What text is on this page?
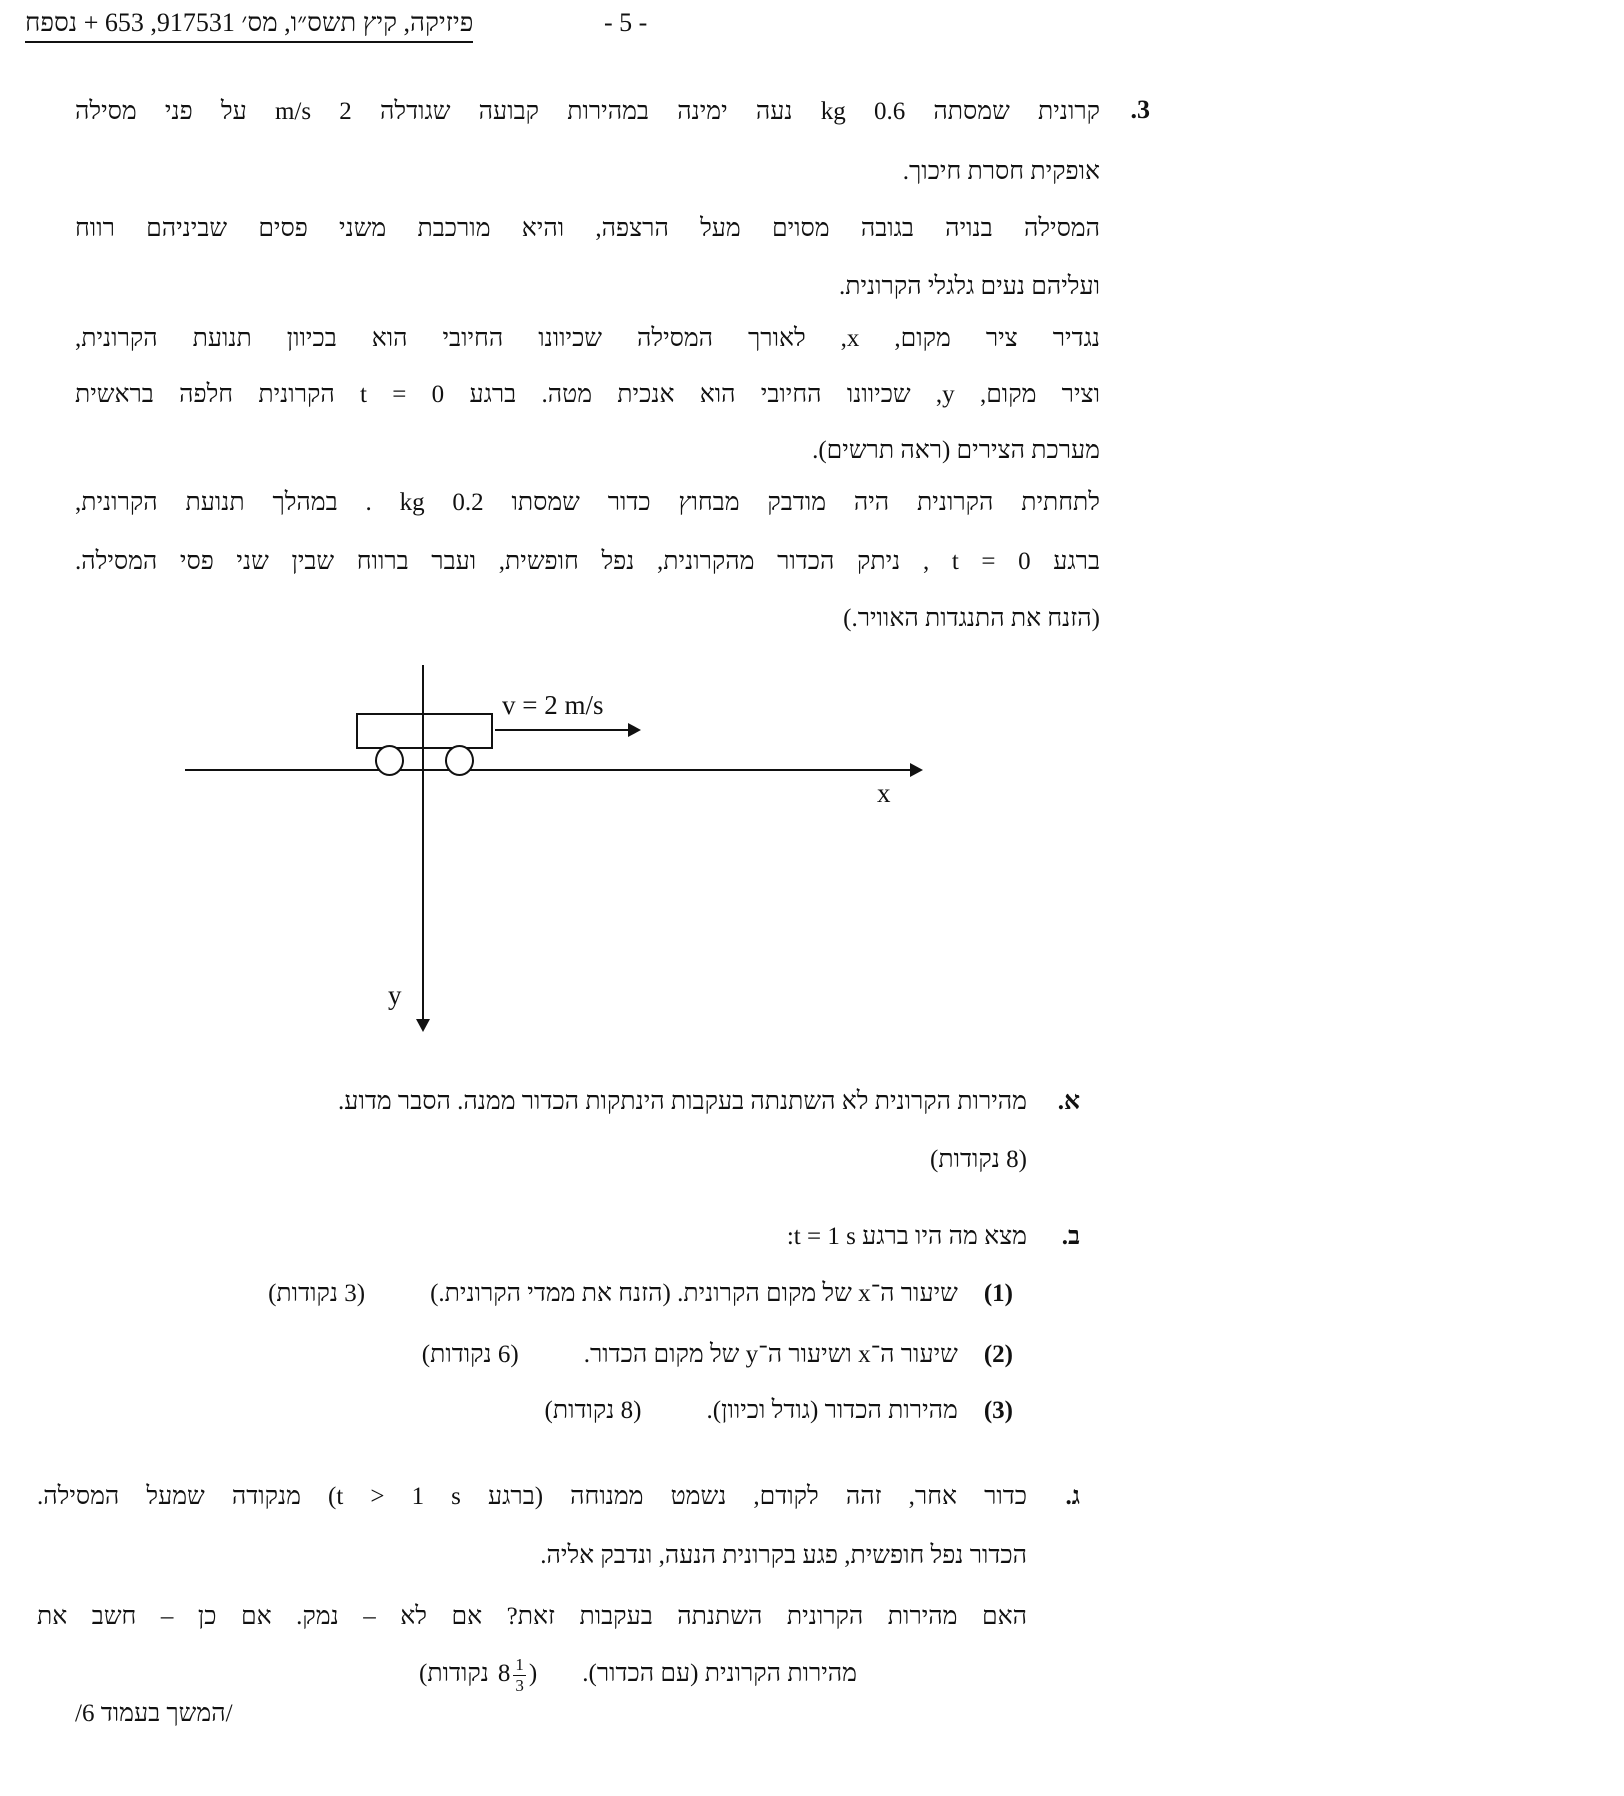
פיזיקה, קיץ תשס״ו, מס׳ 917531, 653 + נספח	- 5 -
3.
קרונית שמסתה 0.6 kg נעה ימינה במהירות קבועה שגודלה 2 m/s על פני מסילה
אופקית חסרת חיכוך.
המסילה בנויה בגובה מסוים מעל הרצפה, והיא מורכבת משני פסים שביניהם רווח
ועליהם נעים גלגלי הקרונית.
נגדיר ציר מקום, x, לאורך המסילה שכיוונו החיובי הוא בכיוון תנועת הקרונית,
וציר מקום, y, שכיוונו החיובי הוא אנכית מטה. ברגע t = 0 הקרונית חלפה בראשית
מערכת הצירים (ראה תרשים).
לתחתית הקרונית היה מודבק מבחוץ כדור שמסתו 0.2 kg . במהלך תנועת הקרונית,
ברגע t = 0 , ניתק הכדור מהקרונית, נפל חופשית, ועבר ברווח שבין שני פסי המסילה.
(הזנח את התנגדות האוויר.)
v = 2 m/s
x
y
א.
מהירות הקרונית לא השתנתה בעקבות הינתקות הכדור ממנה. הסבר מדוע.
(8 נקודות)
ב.
מצא מה היו ברגע t = 1 s:
(1)שיעור ה־x של מקום הקרונית. (הזנח את ממדי הקרונית.)(3 נקודות)
(2)שיעור ה־x ושיעור ה־y של מקום הכדור.(6 נקודות)
(3)מהירות הכדור (גודל וכיוון).(8 נקודות)
ג.
כדור אחר, זהה לקודם, נשמט ממנוחה (ברגע t > 1 s) מנקודה שמעל המסילה.
הכדור נפל חופשית, פגע בקרונית הנעה, ונדבק אליה.
האם מהירות הקרונית השתנתה בעקבות זאת? אם לא – נמק. אם כן – חשב את
( נקודות $8 \frac{1}{3}$ ) מהירות הקרונית (עם הכדור).
/המשך בעמוד 6/
